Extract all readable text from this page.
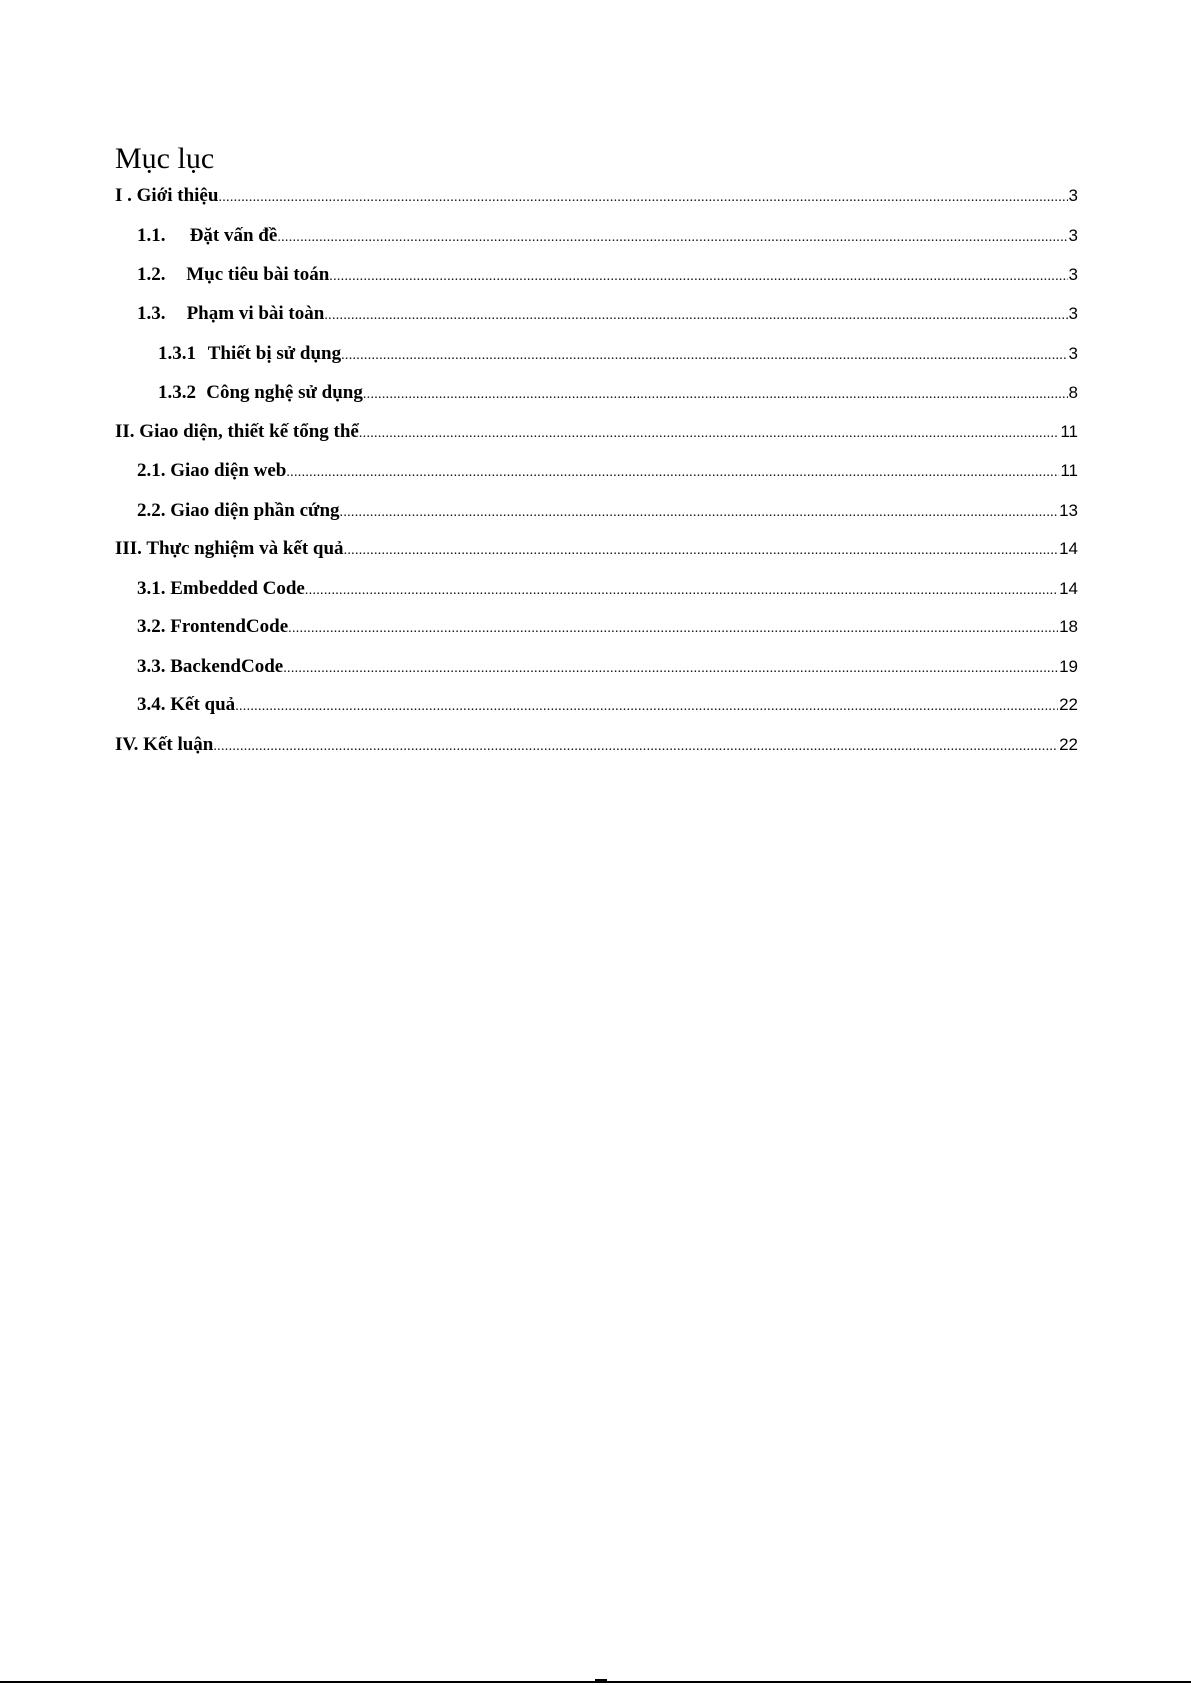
Mục lục
I . Giới thiệu .....	3
1.1.	Đặt vấn đề .....	3
1.2.	Mục tiêu bài toán .....	3
1.3.	Phạm vi bài toàn .....	3
1.3.1 Thiết bị sử dụng .....	3
1.3.2 Công nghệ sử dụng .....	8
II. Giao diện, thiết kế tổng thể .....	11
2.1. Giao diện web .....	11
2.2. Giao diện phần cứng .....	13
III. Thực nghiệm và kết quả .....	14
3.1. Embedded Code .....	14
3.2. FrontendCode .....	18
3.3. BackendCode .....	19
3.4. Kết quả .....	22
IV. Kết luận .....	22
